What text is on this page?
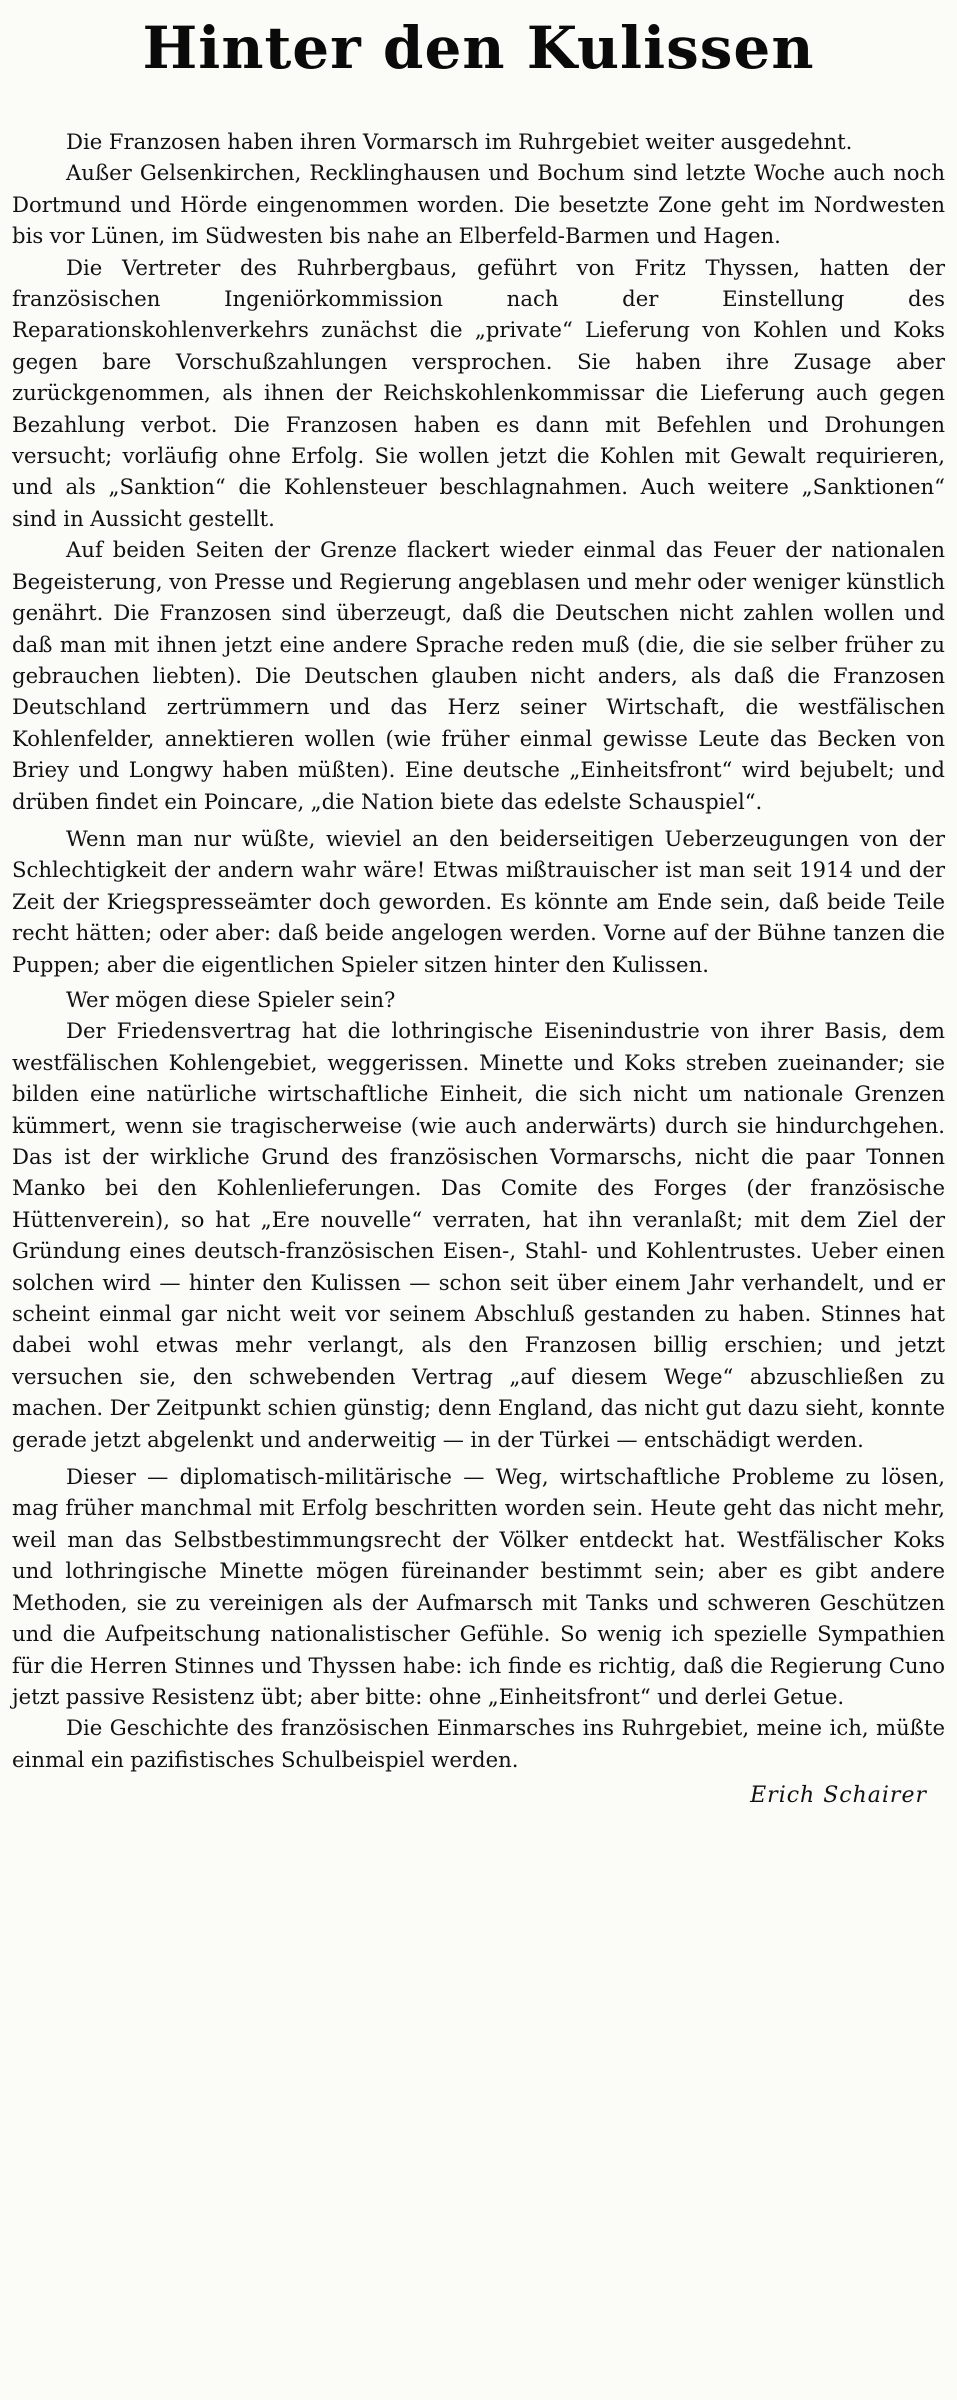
Hinter den Kulissen

Die Franzosen haben ihren Vormarsch im Ruhrgebiet weiter ausgedehnt.

Außer Gelsenkirchen, Recklinghausen und Bochum sind letzte Woche auch noch Dortmund und Hörde eingenommen worden. Die besetzte Zone geht im Nordwesten bis vor Lünen, im Südwesten bis nahe an Elberfeld-Barmen und Hagen.

Die Vertreter des Ruhrbergbaus, geführt von Fritz Thyssen, hatten der französischen Ingeniörkommission nach der Einstellung des Reparationskohlenverkehrs zunächst die „private“ Lieferung von Kohlen und Koks gegen bare Vorschußzahlungen versprochen. Sie haben ihre Zusage aber zurückgenommen, als ihnen der Reichskohlenkommissar die Lieferung auch gegen Bezahlung verbot. Die Franzosen haben es dann mit Befehlen und Drohungen versucht; vorläufig ohne Erfolg. Sie wollen jetzt die Kohlen mit Gewalt requirieren, und als „Sanktion“ die Kohlensteuer beschlagnahmen. Auch weitere „Sanktionen“ sind in Aussicht gestellt.

Auf beiden Seiten der Grenze flackert wieder einmal das Feuer der nationalen Begeisterung, von Presse und Regierung angeblasen und mehr oder weniger künstlich genährt. Die Franzosen sind überzeugt, daß die Deutschen nicht zahlen wollen und daß man mit ihnen jetzt eine andere Sprache reden muß (die, die sie selber früher zu gebrauchen liebten). Die Deutschen glauben nicht anders, als daß die Franzosen Deutschland zertrümmern und das Herz seiner Wirtschaft, die westfälischen Kohlenfelder, annektieren wollen (wie früher einmal gewisse Leute das Becken von Briey und Longwy haben müßten). Eine deutsche „Einheitsfront“ wird bejubelt; und drüben findet ein Poincare, „die Nation biete das edelste Schauspiel“.

Wenn man nur wüßte, wieviel an den beiderseitigen Ueberzeugungen von der Schlechtigkeit der andern wahr wäre! Etwas mißtrauischer ist man seit 1914 und der Zeit der Kriegspresseämter doch geworden. Es könnte am Ende sein, daß beide Teile recht hätten; oder aber: daß beide angelogen werden. Vorne auf der Bühne tanzen die Puppen; aber die eigentlichen Spieler sitzen hinter den Kulissen.

Wer mögen diese Spieler sein?

Der Friedensvertrag hat die lothringische Eisenindustrie von ihrer Basis, dem westfälischen Kohlengebiet, weggerissen. Minette und Koks streben zueinander; sie bilden eine natürliche wirtschaftliche Einheit, die sich nicht um nationale Grenzen kümmert, wenn sie tragischerweise (wie auch anderwärts) durch sie hindurchgehen. Das ist der wirkliche Grund des französischen Vormarschs, nicht die paar Tonnen Manko bei den Kohlenlieferungen. Das Comite des Forges (der französische Hüttenverein), so hat „Ere nouvelle“ verraten, hat ihn veranlaßt; mit dem Ziel der Gründung eines deutsch-französischen Eisen-, Stahl- und Kohlentrustes. Ueber einen solchen wird — hinter den Kulissen — schon seit über einem Jahr verhandelt, und er scheint einmal gar nicht weit vor seinem Abschluß gestanden zu haben. Stinnes hat dabei wohl etwas mehr verlangt, als den Franzosen billig erschien; und jetzt versuchen sie, den schwebenden Vertrag „auf diesem Wege“ abzuschließen zu machen. Der Zeitpunkt schien günstig; denn England, das nicht gut dazu sieht, konnte gerade jetzt abgelenkt und anderweitig — in der Türkei — entschädigt werden.

Dieser — diplomatisch-militärische — Weg, wirtschaftliche Probleme zu lösen, mag früher manchmal mit Erfolg beschritten worden sein. Heute geht das nicht mehr, weil man das Selbstbestimmungsrecht der Völker entdeckt hat. Westfälischer Koks und lothringische Minette mögen füreinander bestimmt sein; aber es gibt andere Methoden, sie zu vereinigen als der Aufmarsch mit Tanks und schweren Geschützen und die Aufpeitschung nationalistischer Gefühle. So wenig ich spezielle Sympathien für die Herren Stinnes und Thyssen habe: ich finde es richtig, daß die Regierung Cuno jetzt passive Resistenz übt; aber bitte: ohne „Einheitsfront“ und derlei Getue.

Die Geschichte des französischen Einmarsches ins Ruhrgebiet, meine ich, müßte einmal ein pazifistisches Schulbeispiel werden.

Erich Schairer
